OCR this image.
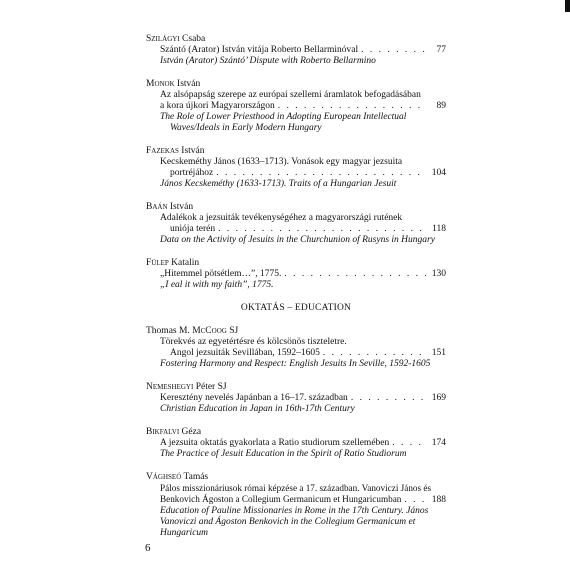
Szilágyi Csaba
Szántó (Arator) István vitája Roberto Bellarminóval . . .	77
István (Arator) Szántó’ Dispute with Roberto Bellarmino
Monok István
Az alsópapság szerepe az európai szellemi áramlatok befogadásában
a kora újkori Magyarországon . . .	89
The Role of Lower Priesthood in Adopting European Intellectual
Waves/Ideals in Early Modern Hungary
Fazekas István
Kecskeméthy János (1633–1713). Vonások egy magyar jezsuita
portréjához . . .	104
János Kecskeméthy (1633-1713). Traits of a Hungarian Jesuit
Baán István
Adalékok a jezsuiták tevékenységéhez a magyarországi rutének
uniója terén . . .	118
Data on the Activity of Jesuits in the Churchunion of Rusyns in Hungary
Fülep Katalin
„Hitemmel pötsétlem…”, 1775. . . .	130
„I eal it with my faith”, 1775.
OKTATÁS – EDUCATION
Thomas M. McCoog SJ
Törekvés az egyetértésre és kölcsönös tiszteletre.
Angol jezsuiták Sevillában, 1592–1605 . . .	151
Fostering Harmony and Respect: English Jesuits In Seville, 1592-1605
Nemeshegyi Péter SJ
Keresztény nevelés Japánban a 16–17. században . . .	169
Christian Education in Japan in 16th-17th Century
Bikfalvi Géza
A jezsuita oktatás gyakorlata a Ratio studiorum szellemében . . .	174
The Practice of Jesuit Education in the Spirit of Ratio Studiorum
Vághseó Tamás
Pálos misszionáriusok római képzése a 17. században. Vanoviczi János és
Benkovich Ágoston a Collegium Germanicum et Hungaricumban . . .	188
Education of Pauline Missionaries in Rome in the 17th Century. János
Vanoviczi and Ágoston Benkovich in the Collegium Germanicum et
Hungaricum
6
